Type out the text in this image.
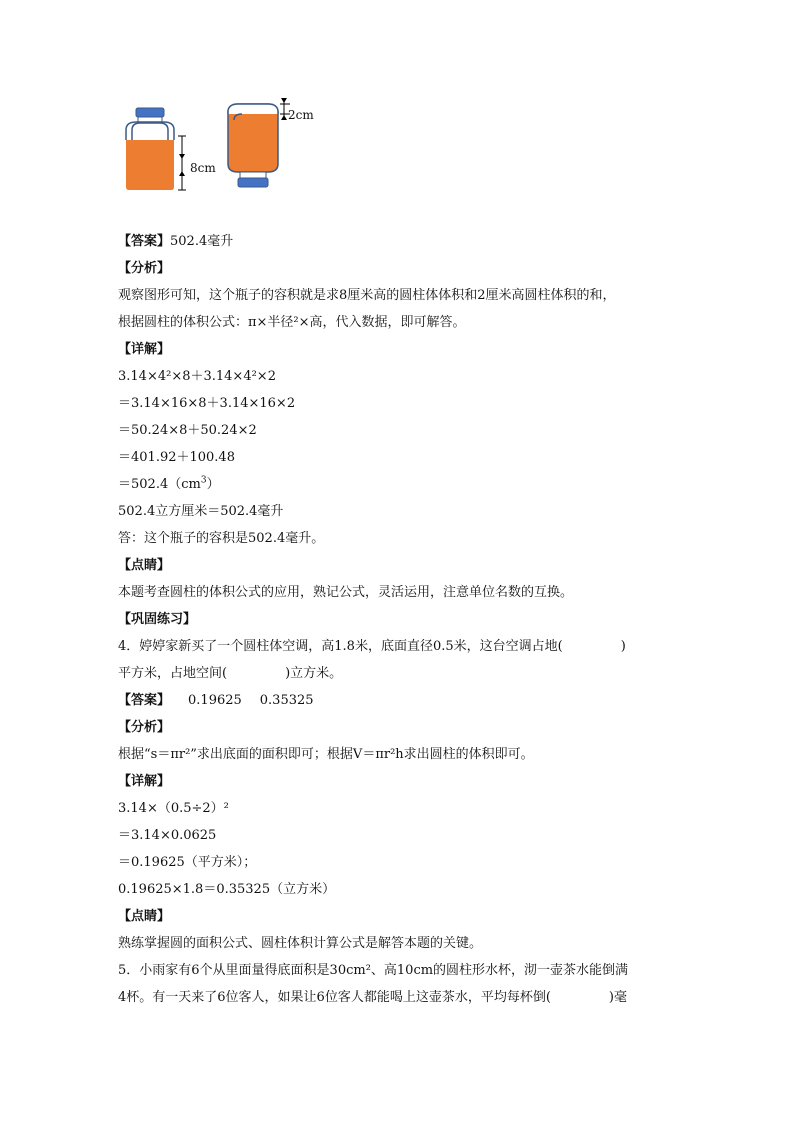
8cm
2cm
【答案】502.4毫升
【分析】
观察图形可知，这个瓶子的容积就是求8厘米高的圆柱体体积和2厘米高圆柱体积的和，
根据圆柱的体积公式：π×半径²×高，代入数据，即可解答。
【详解】
3.14×4²×8＋3.14×4²×2
＝3.14×16×8＋3.14×16×2
＝50.24×8＋50.24×2
＝401.92＋100.48
$=502.4(cm^3)$
502.4立方厘米＝502.4毫升
答：这个瓶子的容积是502.4毫升。
【点睛】
本题考查圆柱的体积公式的应用，熟记公式，灵活运用，注意单位名数的互换。
【巩固练习】
4．婷婷家新买了一个圆柱体空调，高1.8米，底面直径0.5米，这台空调占地(	)
平方米，占地空间(	)立方米。
【答案】 0.19625 0.35325
【分析】
根据“s＝πr²”求出底面的面积即可；根据V＝πr²h求出圆柱的体积即可。
【详解】
3.14×（0.5÷2）²
＝3.14×0.0625
＝0.19625（平方米）；
0.19625×1.8＝0.35325（立方米）
【点睛】
熟练掌握圆的面积公式、圆柱体积计算公式是解答本题的关键。
5．小雨家有6个从里面量得底面积是30cm²、高10cm的圆柱形水杯，沏一壶茶水能倒满
4杯。有一天来了6位客人，如果让6位客人都能喝上这壶茶水，平均每杯倒(	)毫
